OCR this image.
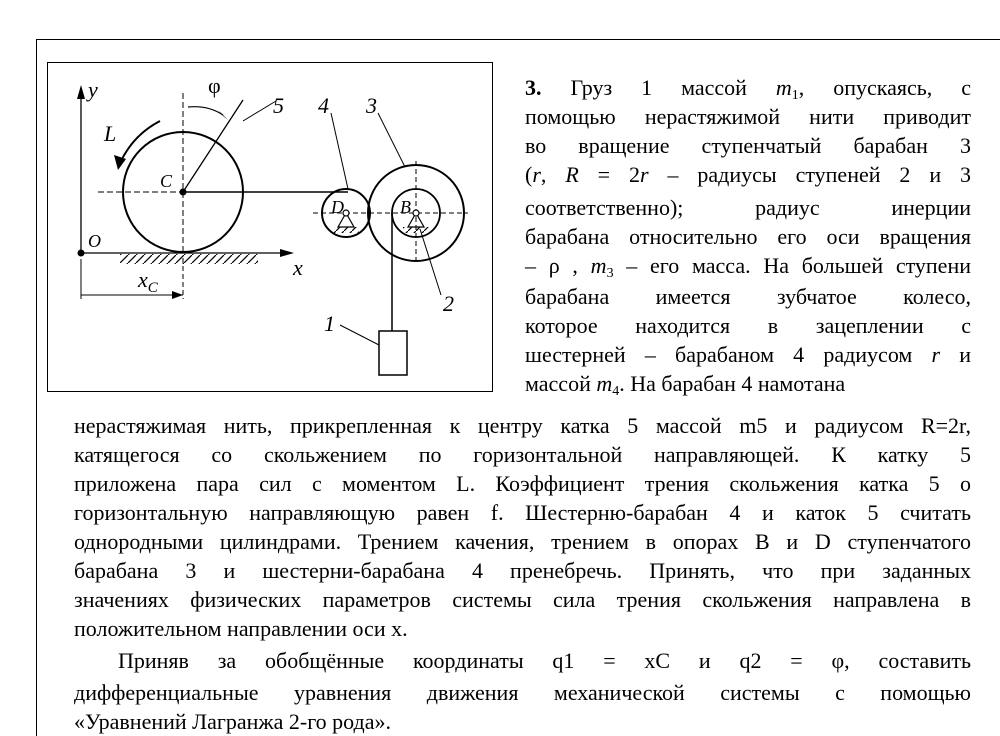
y
x
φ
L
C
O
$x_C$
D	B
1
2
3
4
5
3. Груз 1 массой $m_1$, опускаясь, с
помощью нерастяжимой нити приводит
во вращение ступенчатый барабан 3
(r, R = 2r – радиусы ступеней 2 и 3
соответственно); радиус инерции
барабана относительно его оси вращения
– ρ , $m_3$ – его масса. На большей ступени
барабана имеется зубчатое колесо,
которое находится в зацеплении с
шестерней – барабаном 4 радиусом r и
массой $m_4$. На барабан 4 намотана
нерастяжимая нить, прикрепленная к центру катка 5 массой m5 и радиусом R=2r,
катящегося со скольжением по горизонтальной направляющей. К катку 5
приложена пара сил с моментом L. Коэффициент трения скольжения катка 5 о
горизонтальную направляющую равен f. Шестерню-барабан 4 и каток 5 считать
однородными цилиндрами. Трением качения, трением в опорах B и D ступенчатого
барабана 3 и шестерни-барабана 4 пренебречь. Принять, что при заданных
значениях физических параметров системы сила трения скольжения направлена в
положительном направлении оси x.
Приняв за обобщённые координаты q1 = xC и q2 = φ, составить
дифференциальные уравнения движения механической системы с помощью
«Уравнений Лагранжа 2-го рода».
